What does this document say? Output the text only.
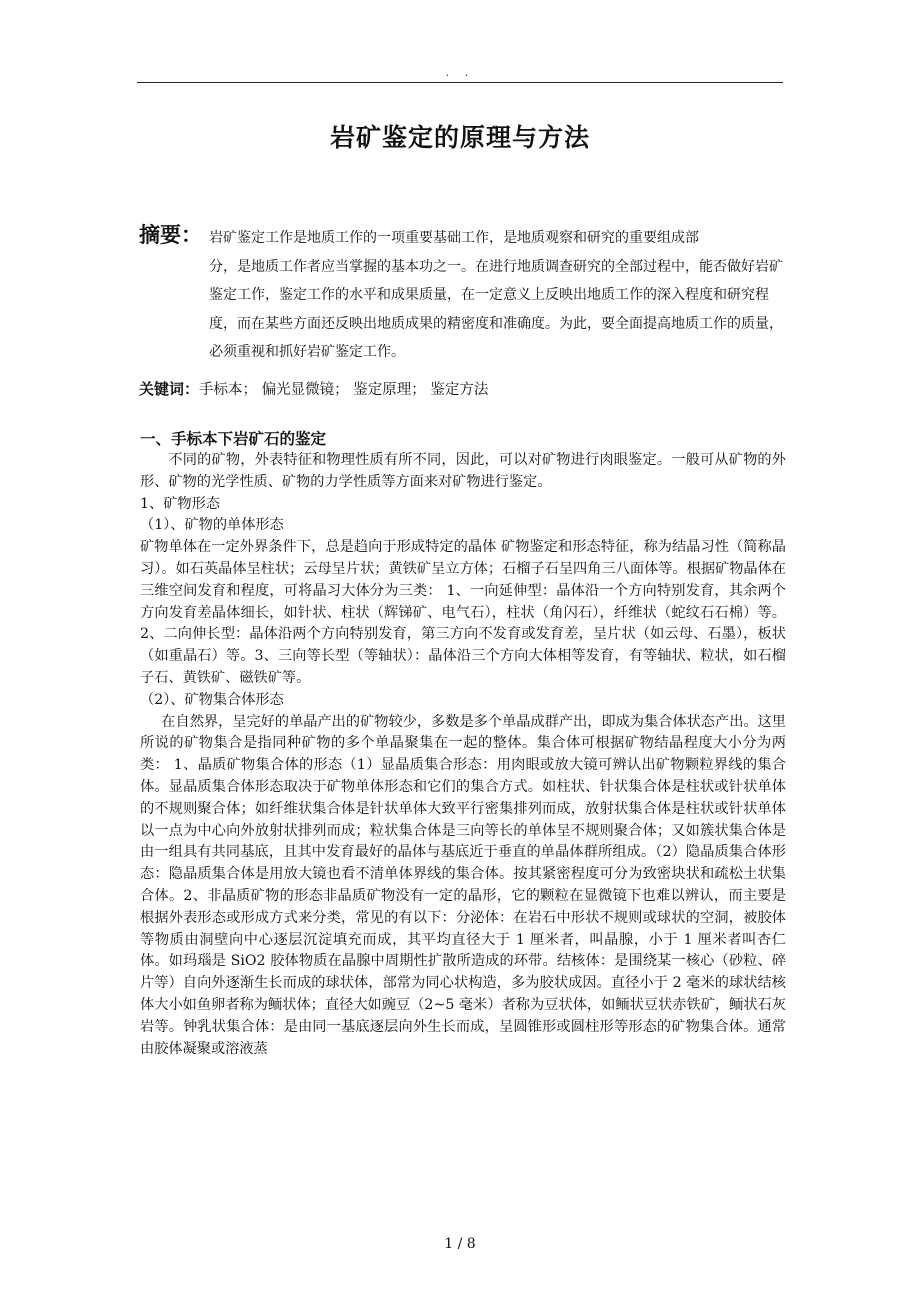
. .
岩矿鉴定的原理与方法
摘要： 岩矿鉴定工作是地质工作的一项重要基础工作，是地质观察和研究的重要组成部

分，是地质工作者应当掌握的基本功之一。在进行地质调查研究的全部过程中，能否做好岩矿鉴定工作，鉴定工作的水平和成果质量，在一定意义上反映出地质工作的深入程度和研究程度，而在某些方面还反映出地质成果的精密度和准确度。为此，要全面提高地质工作的质量，必须重视和抓好岩矿鉴定工作。

关键词：手标本； 偏光显微镜； 鉴定原理； 鉴定方法

一、手标本下岩矿石的鉴定

不同的矿物，外表特征和物理性质有所不同，因此，可以对矿物进行肉眼鉴定。一般可从矿物的外形、矿物的光学性质、矿物的力学性质等方面来对矿物进行鉴定。

1、矿物形态

（1）、矿物的单体形态

矿物单体在一定外界条件下，总是趋向于形成特定的晶体 矿物鉴定和形态特征，称为结晶习性（简称晶习）。如石英晶体呈柱状；云母呈片状；黄铁矿呈立方体；石榴子石呈四角三八面体等。根据矿物晶体在三维空间发育和程度，可将晶习大体分为三类： 1、一向延伸型：晶体沿一个方向特别发育，其余两个方向发育差晶体细长，如针状、柱状（辉锑矿、电气石），柱状（角闪石），纤维状（蛇纹石石棉）等。2、二向伸长型：晶体沿两个方向特别发育，第三方向不发育或发育差，呈片状（如云母、石墨），板状（如重晶石）等。3、三向等长型（等轴状）：晶体沿三个方向大体相等发育，有等轴状、粒状，如石榴子石、黄铁矿、磁铁矿等。

（2）、矿物集合体形态

在自然界，呈完好的单晶产出的矿物较少，多数是多个单晶成群产出，即成为集合体状态产出。这里所说的矿物集合是指同种矿物的多个单晶聚集在一起的整体。集合体可根据矿物结晶程度大小分为两类： 1、晶质矿物集合体的形态（1）显晶质集合形态：用肉眼或放大镜可辨认出矿物颗粒界线的集合体。显晶质集合体形态取决于矿物单体形态和它们的集合方式。如柱状、针状集合体是柱状或针状单体的不规则聚合体；如纤维状集合体是针状单体大致平行密集排列而成，放射状集合体是柱状或针状单体以一点为中心向外放射状排列而成；粒状集合体是三向等长的单体呈不规则聚合体；又如簇状集合体是由一组具有共同基底，且其中发育最好的晶体与基底近于垂直的单晶体群所组成。（2）隐晶质集合体形态：隐晶质集合体是用放大镜也看不清单体界线的集合体。按其紧密程度可分为致密块状和疏松土状集合体。2、非晶质矿物的形态非晶质矿物没有一定的晶形，它的颗粒在显微镜下也难以辨认，而主要是根据外表形态或形成方式来分类，常见的有以下：分泌体：在岩石中形状不规则或球状的空洞，被胶体等物质由洞壁向中心逐层沉淀填充而成，其平均直径大于 1 厘米者，叫晶腺，小于 1 厘米者叫杏仁体。如玛瑙是 SiO2 胶体物质在晶腺中周期性扩散所造成的环带。结核体：是围绕某一核心（砂粒、碎片等）自向外逐渐生长而成的球状体，部常为同心状构造，多为胶状成因。直径小于 2 毫米的球状结核体大小如鱼卵者称为鲕状体；直径大如豌豆（2~5 毫米）者称为豆状体，如鲕状豆状赤铁矿，鲕状石灰岩等。钟乳状集合体：是由同一基底逐层向外生长而成，呈圆锥形或圆柱形等形态的矿物集合体。通常由胶体凝聚或溶液蒸

1 / 8
